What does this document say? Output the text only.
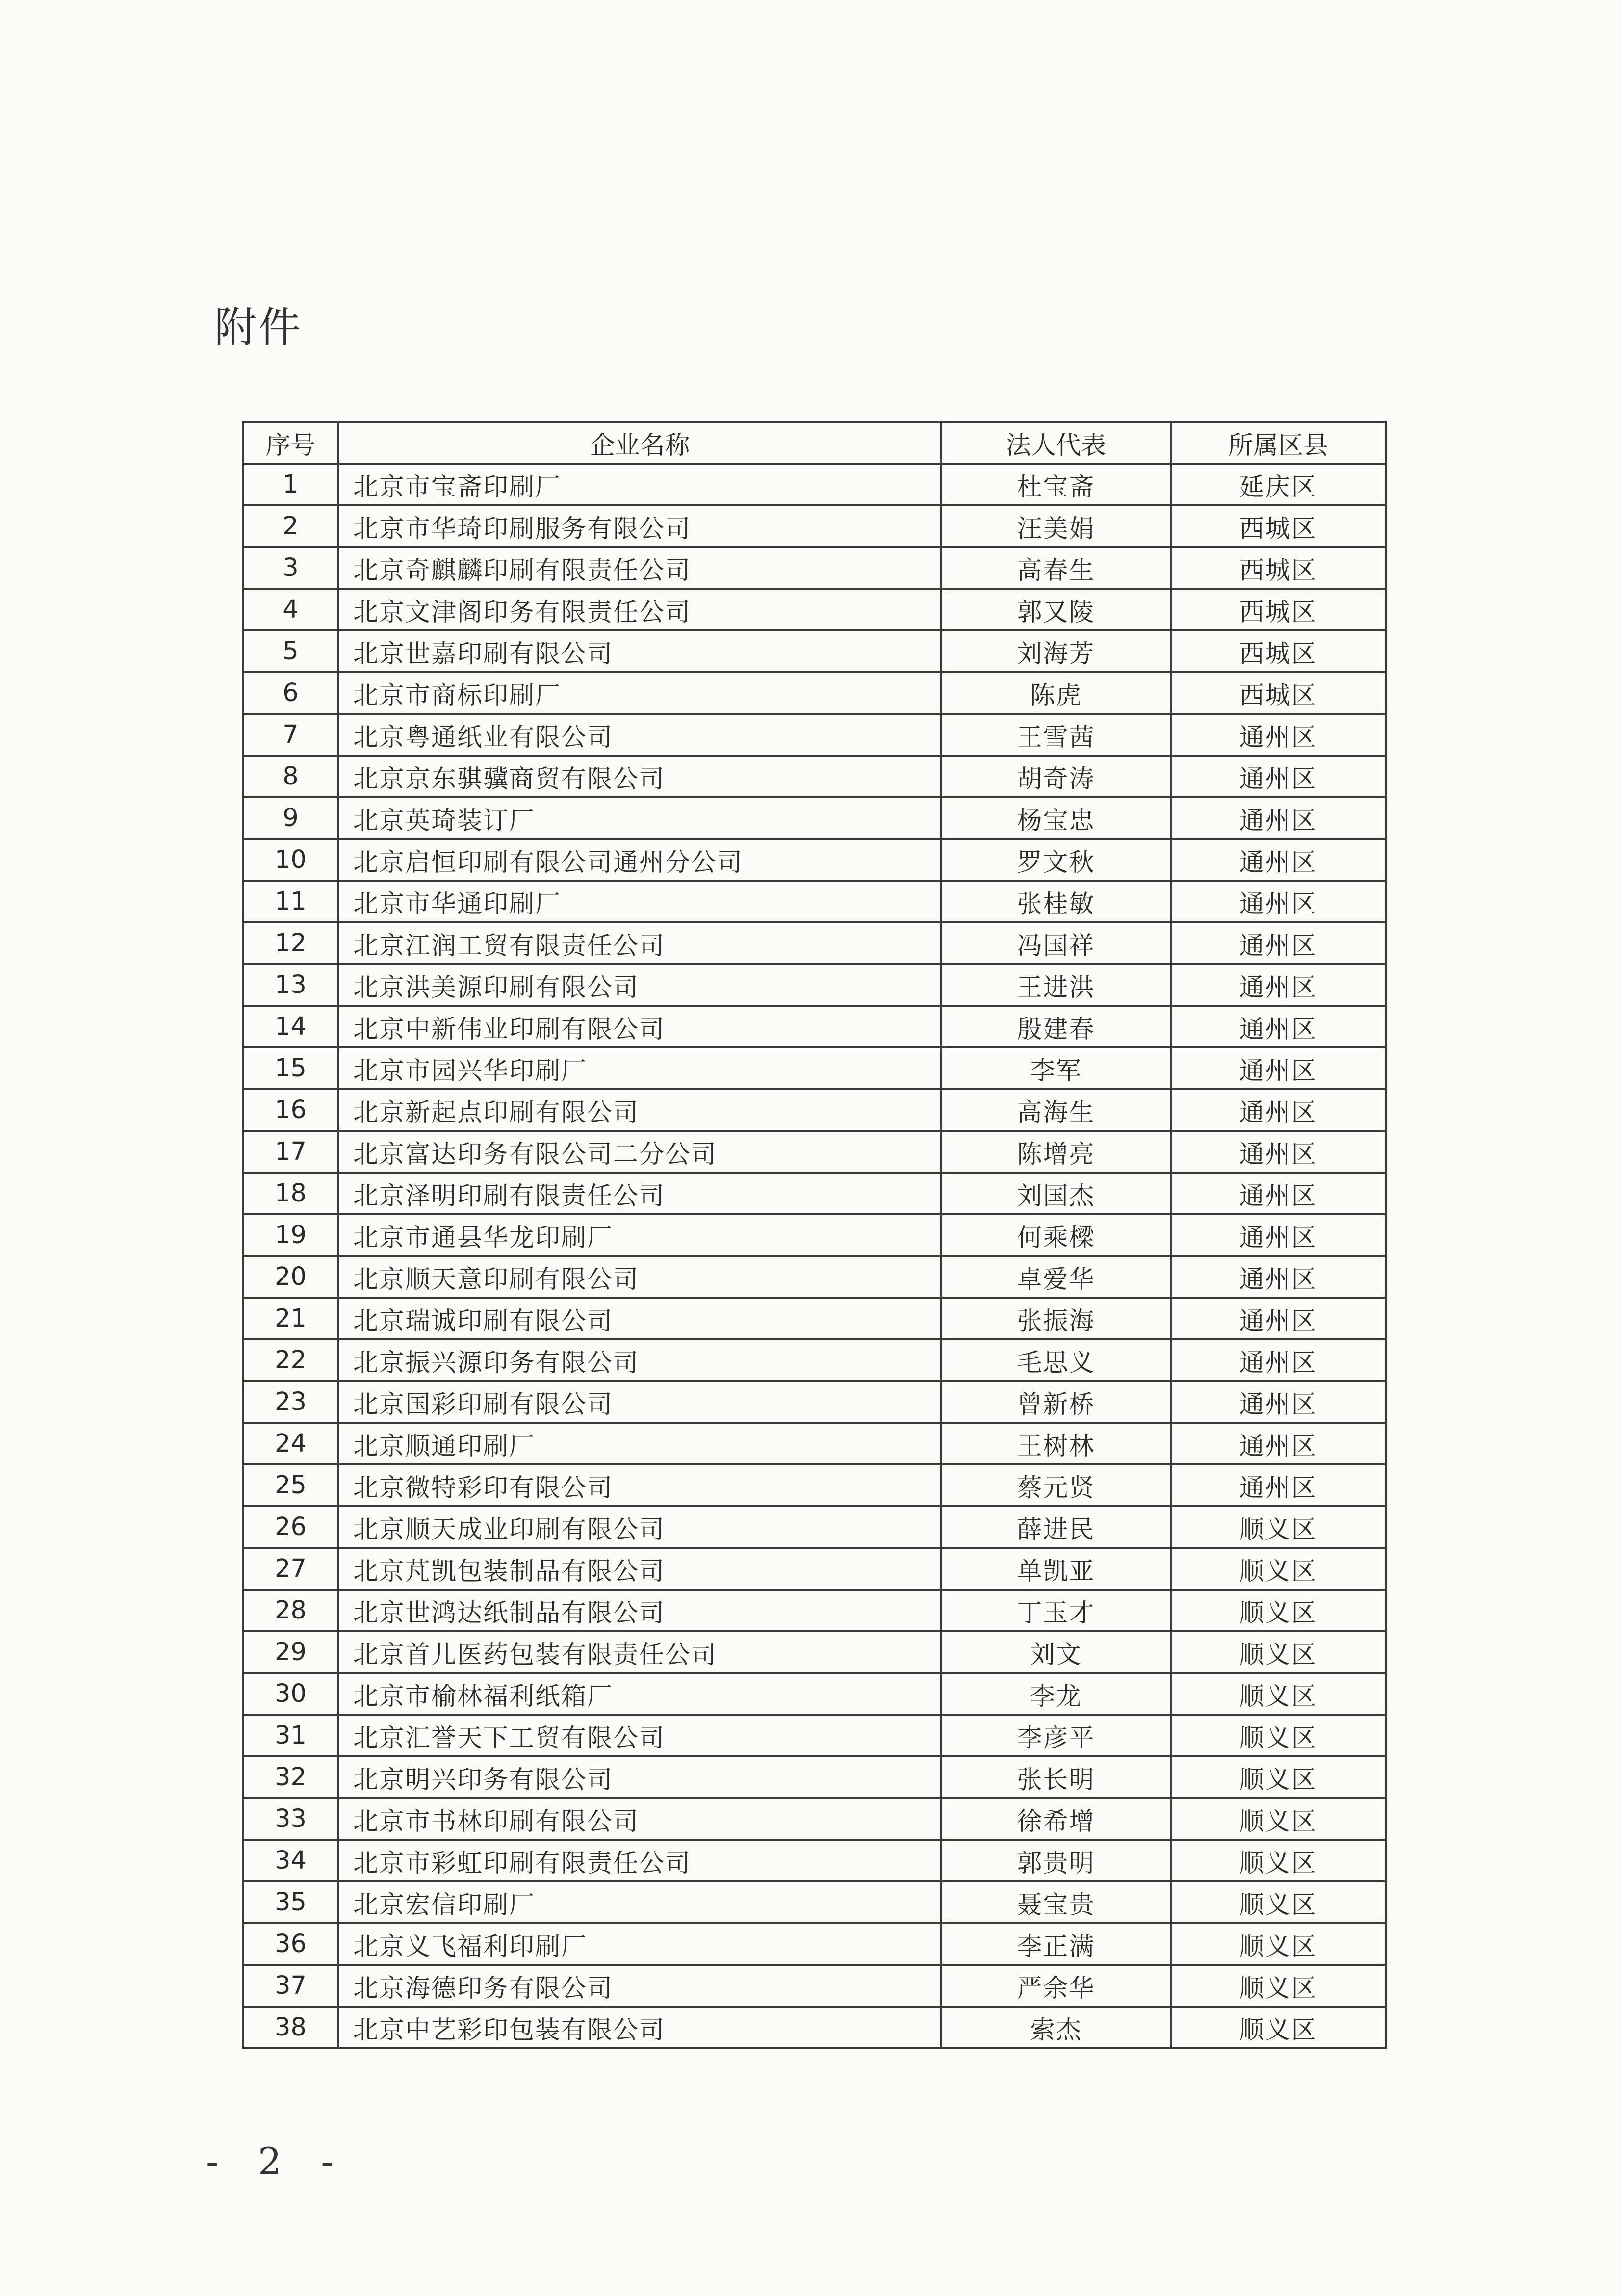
附件
序号	企业名称	法人代表	所属区县
1	北京市宝斋印刷厂	杜宝斋	延庆区
2	北京市华琦印刷服务有限公司	汪美娟	西城区
3	北京奇麒麟印刷有限责任公司	高春生	西城区
4	北京文津阁印务有限责任公司	郭又陵	西城区
5	北京世嘉印刷有限公司	刘海芳	西城区
6	北京市商标印刷厂	陈虎	西城区
7	北京粤通纸业有限公司	王雪茜	通州区
8	北京京东骐骥商贸有限公司	胡奇涛	通州区
9	北京英琦装订厂	杨宝忠	通州区
10	北京启恒印刷有限公司通州分公司	罗文秋	通州区
11	北京市华通印刷厂	张桂敏	通州区
12	北京江润工贸有限责任公司	冯国祥	通州区
13	北京洪美源印刷有限公司	王进洪	通州区
14	北京中新伟业印刷有限公司	殷建春	通州区
15	北京市园兴华印刷厂	李军	通州区
16	北京新起点印刷有限公司	高海生	通州区
17	北京富达印务有限公司二分公司	陈增亮	通州区
18	北京泽明印刷有限责任公司	刘国杰	通州区
19	北京市通县华龙印刷厂	何乘樑	通州区
20	北京顺天意印刷有限公司	卓爱华	通州区
21	北京瑞诚印刷有限公司	张振海	通州区
22	北京振兴源印务有限公司	毛思义	通州区
23	北京国彩印刷有限公司	曾新桥	通州区
24	北京顺通印刷厂	王树林	通州区
25	北京微特彩印有限公司	蔡元贤	通州区
26	北京顺天成业印刷有限公司	薛进民	顺义区
27	北京芃凯包装制品有限公司	单凯亚	顺义区
28	北京世鸿达纸制品有限公司	丁玉才	顺义区
29	北京首儿医药包装有限责任公司	刘文	顺义区
30	北京市榆林福利纸箱厂	李龙	顺义区
31	北京汇誉天下工贸有限公司	李彦平	顺义区
32	北京明兴印务有限公司	张长明	顺义区
33	北京市书林印刷有限公司	徐希增	顺义区
34	北京市彩虹印刷有限责任公司	郭贵明	顺义区
35	北京宏信印刷厂	聂宝贵	顺义区
36	北京义飞福利印刷厂	李正满	顺义区
37	北京海德印务有限公司	严余华	顺义区
38	北京中艺彩印包装有限公司	索杰	顺义区
- 2 -
